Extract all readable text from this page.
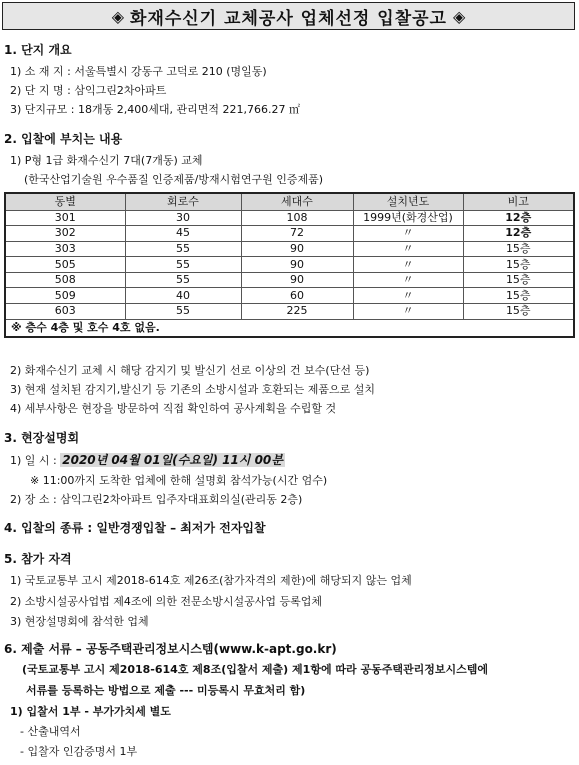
◈ 화재수신기 교체공사 업체선정 입찰공고 ◈
1. 단지 개요
1) 소 재 지 : 서울특별시 강동구 고덕로 210 (명일동)
2) 단 지 명 : 삼익그린2차아파트
3) 단지규모 : 18개동 2,400세대, 관리면적 221,766.27 ㎡
2. 입찰에 부치는 내용
1) P형 1급 화재수신기 7대(7개동) 교체
(한국산업기술원 우수품질 인증제품/방재시험연구원 인증제품)
동별	회로수	세대수	설치년도	비고
301	30	108	1999년(화경산업)	12층
302	45	72	〃	12층
303	55	90	〃	15층
505	55	90	〃	15층
508	55	90	〃	15층
509	40	60	〃	15층
603	55	225	〃	15층
※ 층수 4층 및 호수 4호 없음.				
2) 화재수신기 교체 시 해당 감지기 및 발신기 선로 이상의 건 보수(단선 등)
3) 현재 설치된 감지기,발신기 등 기존의 소방시설과 호환되는 제품으로 설치
4) 세부사항은 현장을 방문하여 직접 확인하여 공사계획을 수립할 것
3. 현장설명회
1) 일 시 : 2020년 04월 01일(수요일) 11시 00분
※ 11:00까지 도착한 업체에 한해 설명회 참석가능(시간 엄수)
2) 장 소 : 삼익그린2차아파트 입주자대표회의실(관리동 2층)
4. 입찰의 종류 : 일반경쟁입찰 – 최저가 전자입찰
5. 참가 자격
1) 국토교통부 고시 제2018-614호 제26조(참가자격의 제한)에 해당되지 않는 업체
2) 소방시설공사업법 제4조에 의한 전문소방시설공사업 등록업체
3) 현장설명회에 참석한 업체
6. 제출 서류 – 공동주택관리정보시스템(www.k-apt.go.kr)
(국토교통부 고시 제2018-614호 제8조(입찰서 제출) 제1항에 따라 공동주택관리정보시스템에
서류를 등록하는 방법으로 제출 --- 미등록시 무효처리 함)
1) 입찰서 1부 - 부가가치세 별도
- 산출내역서
- 입찰자 인감증명서 1부
